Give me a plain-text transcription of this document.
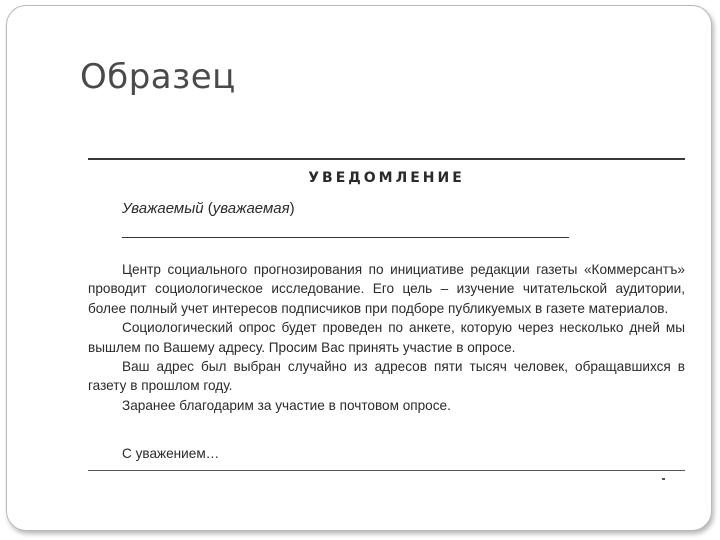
Образец
УВЕДОМЛЕНИЕ
Уважаемый (уважаемая)

Центр социального прогнозирования по инициативе редакции газеты «Коммерсантъ» проводит социологическое исследование. Его цель – изучение читательской аудитории, более полный учет интересов подписчиков при подборе публикуемых в газете материалов.

Социологический опрос будет проведен по анкете, которую через несколько дней мы вышлем по Вашему адресу. Просим Вас принять участие в опросе.

Ваш адрес был выбран случайно из адресов пяти тысяч человек, обращавшихся в газету в прошлом году.

Заранее благодарим за участие в почтовом опросе.

С уважением…
